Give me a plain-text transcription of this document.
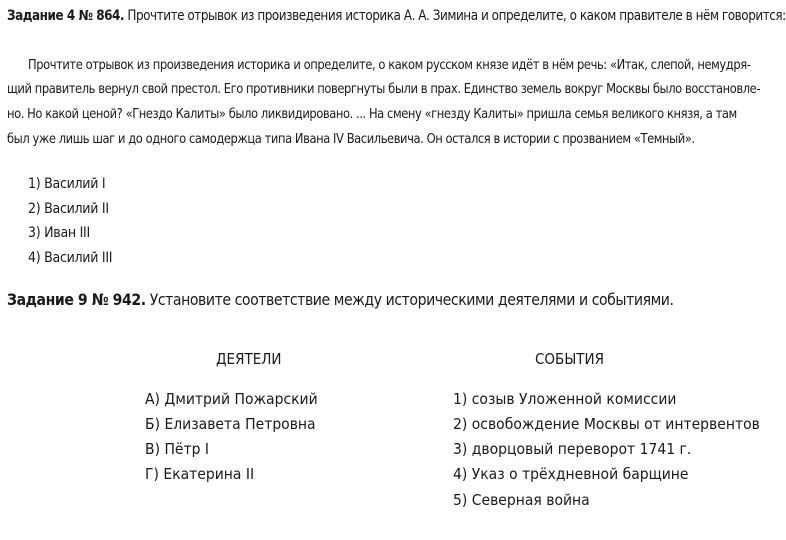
Задание 4 № 864. Прочтите отрывок из произведения историка А. А. Зимина и определите, о каком правителе в нём говорится:
Прочтите отрывок из произведения историка и определите, о каком русском князе идёт в нём речь: «Итак, слепой, немудря-
щий правитель вернул свой престол. Его противники повергнуты были в прах. Единство земель вокруг Москвы было восстановле-
но. Но какой ценой? «Гнездо Калиты» было ликвидировано. ... На смену «гнезду Калиты» пришла семья великого князя, а там
был уже лишь шаг и до одного самодержца типа Ивана IV Васильевича. Он остался в истории с прозванием «Темный».
1) Василий I
2) Василий II
3) Иван III
4) Василий III
Задание 9 № 942. Установите соответствие между историческими деятелями и событиями.
ДЕЯТЕЛИ	СОБЫТИЯ
А) Дмитрий Пожарский
Б) Елизавета Петровна
В) Пётр I
Г) Екатерина II
1) созыв Уложенной комиссии
2) освобождение Москвы от интервентов
3) дворцовый переворот 1741 г.
4) Указ о трёхдневной барщине
5) Северная война
